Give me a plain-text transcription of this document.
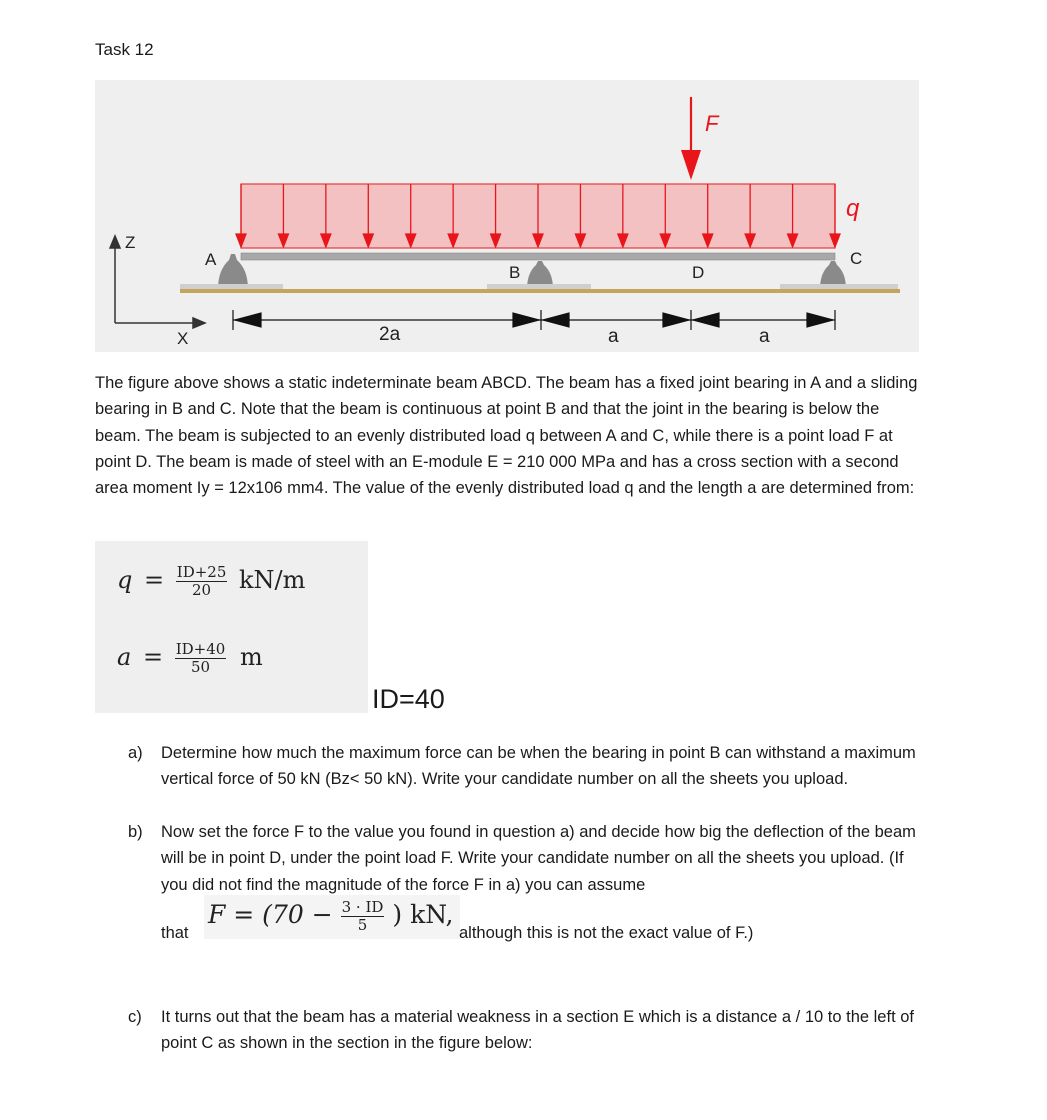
Task 12
F
q
Z
X
A
B
C
D
2a	a	a
The figure above shows a static indeterminate beam ABCD. The beam has a fixed joint bearing in A and a sliding bearing in B and C. Note that the beam is continuous at point B and that the joint in the bearing is below the beam. The beam is subjected to an evenly distributed load q between A and C, while there is a point load F at point D. The beam is made of steel with an E-module E = 210 000 MPa and has a cross section with a second area moment Iy = 12x106 mm4. The value of the evenly distributed load q and the length a are determined from:
$q = \frac{ID+25}{20} kN/m$
$a = \frac{ID+40}{50}$ m
ID=40
a) Determine how much the maximum force can be when the bearing in point B can withstand a maximum vertical force of 50 kN (Bz< 50 kN). Write your candidate number on all the sheets you upload.
b) Now set the force F to the value you found in question a) and decide how big the deflection of the beam will be in point D, under the point load F. Write your candidate number on all the sheets you upload. (If you did not find the magnitude of the force F in a) you can assume
that
$F = (70 - \frac{3 \cdot ID}{5}$ ) kN,
although this is not the exact value of F.)
c) It turns out that the beam has a material weakness in a section E which is a distance a / 10 to the left of point C as shown in the section in the figure below:
